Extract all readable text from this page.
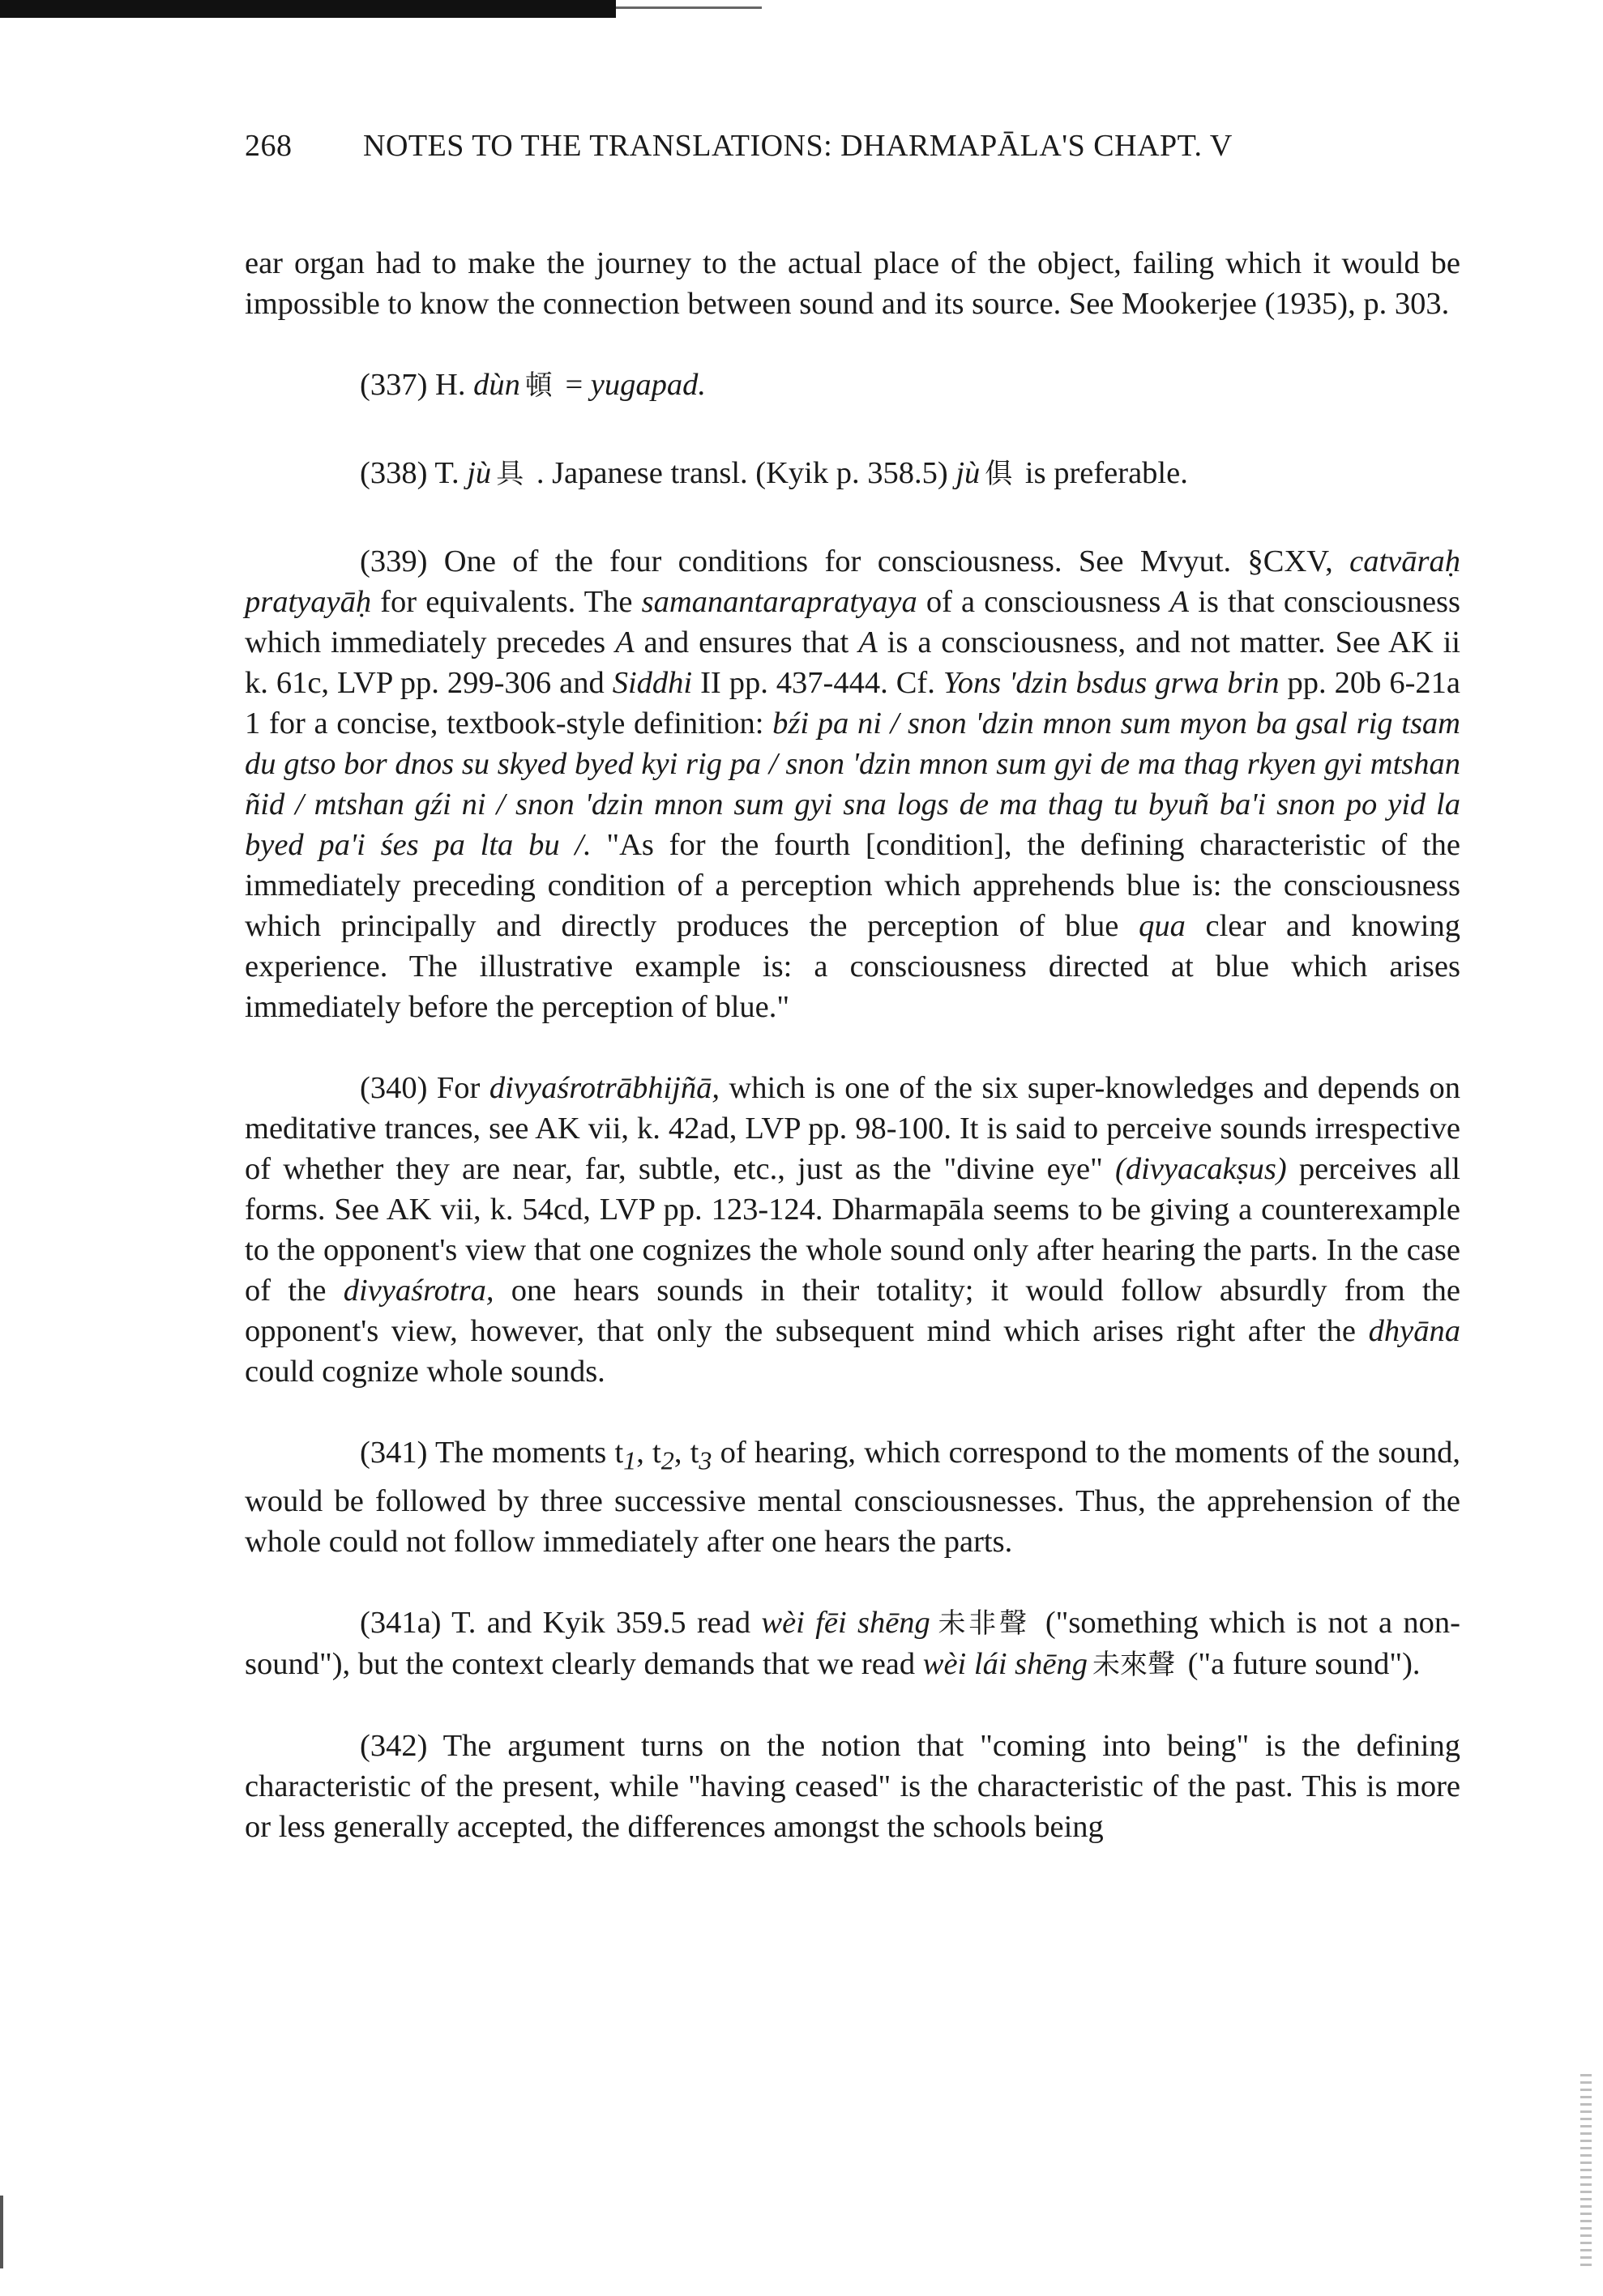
268 NOTES TO THE TRANSLATIONS: DHARMAPĀLA'S CHAPT. V

ear organ had to make the journey to the actual place of the object, failing which it would be impossible to know the connection between sound and its source. See Mookerjee (1935), p. 303.

(337) H. dùn 頓 = yugapad.

(338) T. jù 具 . Japanese transl. (Kyik p. 358.5) jù 俱 is preferable.

(339) One of the four conditions for consciousness. See Mvyut. §CXV, catvāraḥ pratyayāḥ for equivalents. The samanantarapratyaya of a consciousness A is that consciousness which immediately precedes A and ensures that A is a consciousness, and not matter. See AK ii k. 61c, LVP pp. 299-306 and Siddhi II pp. 437-444. Cf. Yons 'dzin bsdus grwa brin pp. 20b 6-21a 1 for a concise, textbook-style definition: bźi pa ni / snon 'dzin mnon sum myon ba gsal rig tsam du gtso bor dnos su skyed byed kyi rig pa / snon 'dzin mnon sum gyi de ma thag rkyen gyi mtshan ñid / mtshan gźi ni / snon 'dzin mnon sum gyi sna logs de ma thag tu byuñ ba'i snon po yid la byed pa'i śes pa lta bu /. "As for the fourth [condition], the defining characteristic of the immediately preceding condition of a perception which apprehends blue is: the consciousness which principally and directly produces the perception of blue qua clear and knowing experience. The illustrative example is: a consciousness directed at blue which arises immediately before the perception of blue."

(340) For divyaśrotrābhijñā, which is one of the six super-knowledges and depends on meditative trances, see AK vii, k. 42ad, LVP pp. 98-100. It is said to perceive sounds irrespective of whether they are near, far, subtle, etc., just as the "divine eye" (divyacakṣus) perceives all forms. See AK vii, k. 54cd, LVP pp. 123-124. Dharmapāla seems to be giving a counterexample to the opponent's view that one cognizes the whole sound only after hearing the parts. In the case of the divyaśrotra, one hears sounds in their totality; it would follow absurdly from the opponent's view, however, that only the subsequent mind which arises right after the dhyāna could cognize whole sounds.

(341) The moments $t_1$, $t_2$, $t_3$ of hearing, which correspond to the moments of the sound, would be followed by three successive mental consciousnesses. Thus, the apprehension of the whole could not follow immediately after one hears the parts.

(341a) T. and Kyik 359.5 read wèi fēi shēng 未非聲 ("something which is not a non-sound"), but the context clearly demands that we read wèi lái shēng 未來聲 ("a future sound").

(342) The argument turns on the notion that "coming into being" is the defining characteristic of the present, while "having ceased" is the characteristic of the past. This is more or less generally accepted, the differences amongst the schools being
